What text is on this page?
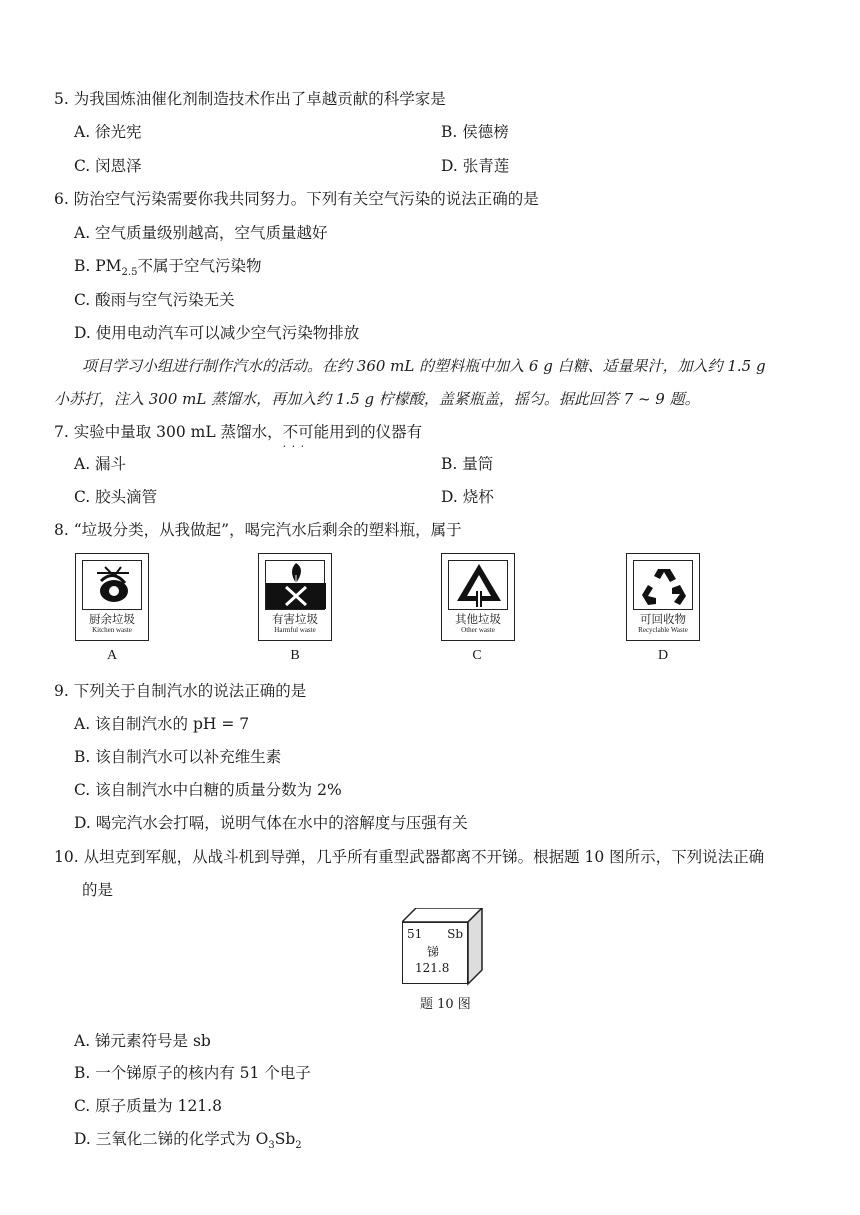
5. 为我国炼油催化剂制造技术作出了卓越贡献的科学家是
A. 徐光宪	B. 侯德榜
C. 闵恩泽	D. 张青莲
6. 防治空气污染需要你我共同努力。下列有关空气污染的说法正确的是
A. 空气质量级别越高，空气质量越好
B. $PM_{2.5}$不属于空气污染物
C. 酸雨与空气污染无关
D. 使用电动汽车可以减少空气污染物排放
项目学习小组进行制作汽水的活动。在约 360 mL 的塑料瓶中加入 6 g 白糖、适量果汁，加入约 1.5 g
小苏打，注入 300 mL 蒸馏水，再加入约 1.5 g 柠檬酸，盖紧瓶盖，摇匀。据此回答 7 ~ 9 题。
7. 实验中量取 300 mL 蒸馏水，不可能 · · ·用到的仪器有
A. 漏斗	B. 量筒
C. 胶头滴管	D. 烧杯
8. “垃圾分类，从我做起”，喝完汽水后剩余的塑料瓶，属于
厨余垃圾
Kitchen waste
A
有害垃圾
Harmful waste
B
其他垃圾
Other waste
C
可回收物
Recyclable Waste
D
9. 下列关于自制汽水的说法正确的是
A. 该自制汽水的 pH = 7
B. 该自制汽水可以补充维生素
C. 该自制汽水中白糖的质量分数为 2%
D. 喝完汽水会打嗝，说明气体在水中的溶解度与压强有关
10. 从坦克到军舰，从战斗机到导弹，几乎所有重型武器都离不开锑。根据题 10 图所示，下列说法正确
的是
51 Sb
锑
121.8
题 10 图
A. 锑元素符号是 sb
B. 一个锑原子的核内有 51 个电子
C. 原子质量为 121.8
D. 三氧化二锑的化学式为 $O_3Sb_2$
